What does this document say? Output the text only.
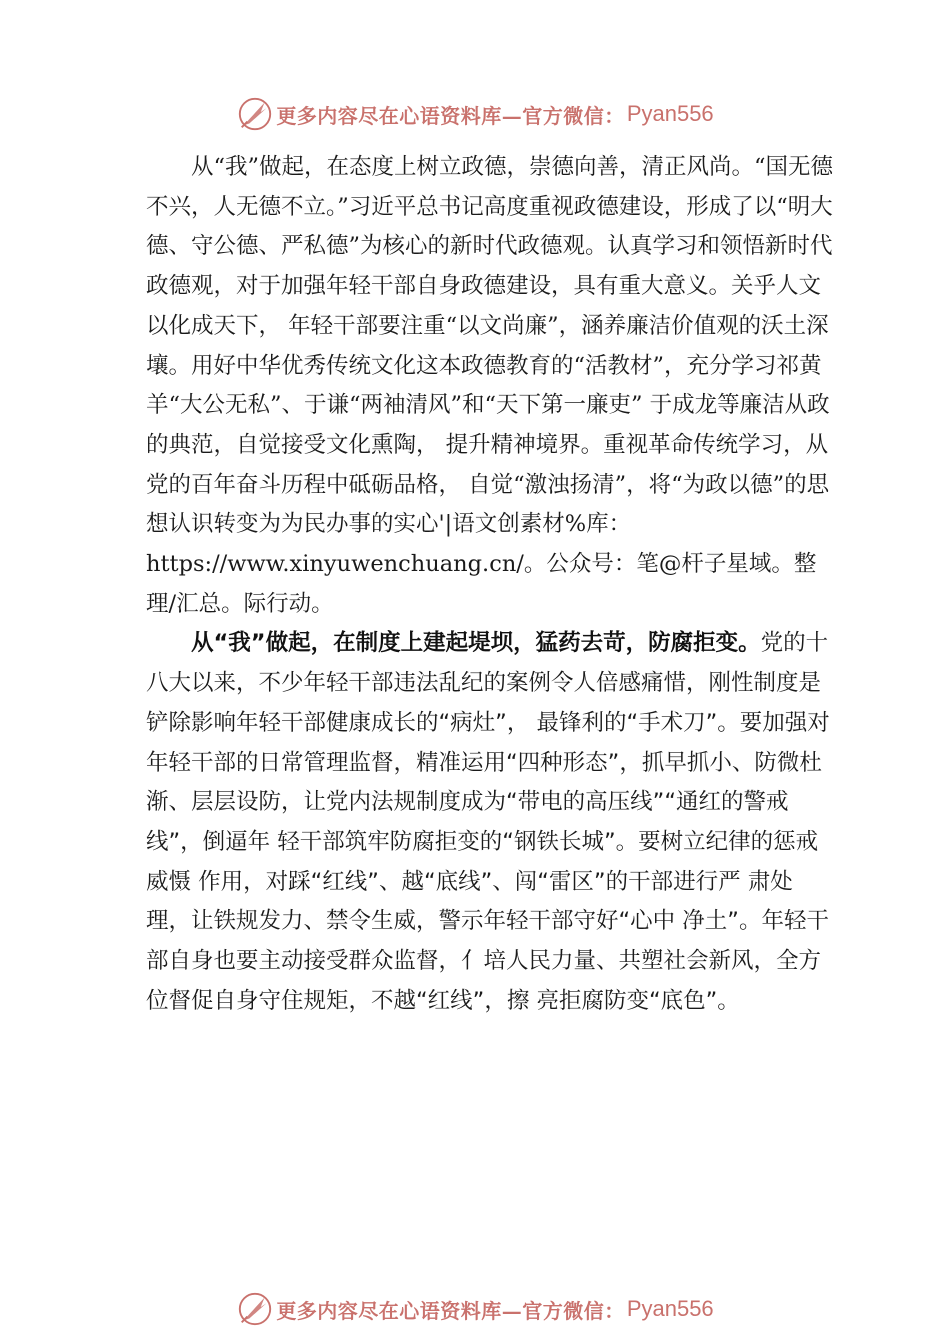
更多内容尽在心语资料库—官方微信： Pyan556

从“我”做起，在态度上树立政德，崇德向善，清正风尚。“国无德不兴，人无德不立。”习近平总书记高度重视政德建设，形成了以“明大德、守公德、严私德”为核心的新时代政德观。认真学习和领悟新时代政德观，对于加强年轻干部自身政德建设，具有重大意义。关乎人文以化成天下， 年轻干部要注重“以文尚廉”，涵养廉洁价值观的沃土深壤。用好中华优秀传统文化这本政德教育的“活教材”，充分学习祁黄羊“大公无私”、于谦“两袖清风”和“天下第一廉吏” 于成龙等廉洁从政的典范，自觉接受文化熏陶， 提升精神境界。重视革命传统学习，从党的百年奋斗历程中砥砺品格， 自觉“激浊扬清”，将“为政以德”的思想认识转变为为民办事的实心'|语文创素材%库：https://www.xinyuwenchuang.cn/。公众号：笔@杆子星域。整理/汇总。际行动。

从“我”做起，在制度上建起堤坝，猛药去苛，防腐拒变。党的十八大以来，不少年轻干部违法乱纪的案例令人倍感痛惜，刚性制度是铲除影响年轻干部健康成长的“病灶”， 最锋利的“手术刀”。要加强对年轻干部的日常管理监督，精准运用“四种形态”，抓早抓小、防微杜渐、层层设防，让党内法规制度成为“带电的高压线”“通红的警戒线”，倒逼年 轻干部筑牢防腐拒变的“钢铁长城”。要树立纪律的惩戒威慑 作用，对踩“红线”、越“底线”、闯“雷区”的干部进行严 肃处理，让铁规发力、禁令生威，警示年轻干部守好“心中 净土”。年轻干部自身也要主动接受群众监督，⺅培人民力量、共塑社会新风，全方位督促自身守住规矩，不越“红线”，擦 亮拒腐防变“底色”。

更多内容尽在心语资料库—官方微信： Pyan556
